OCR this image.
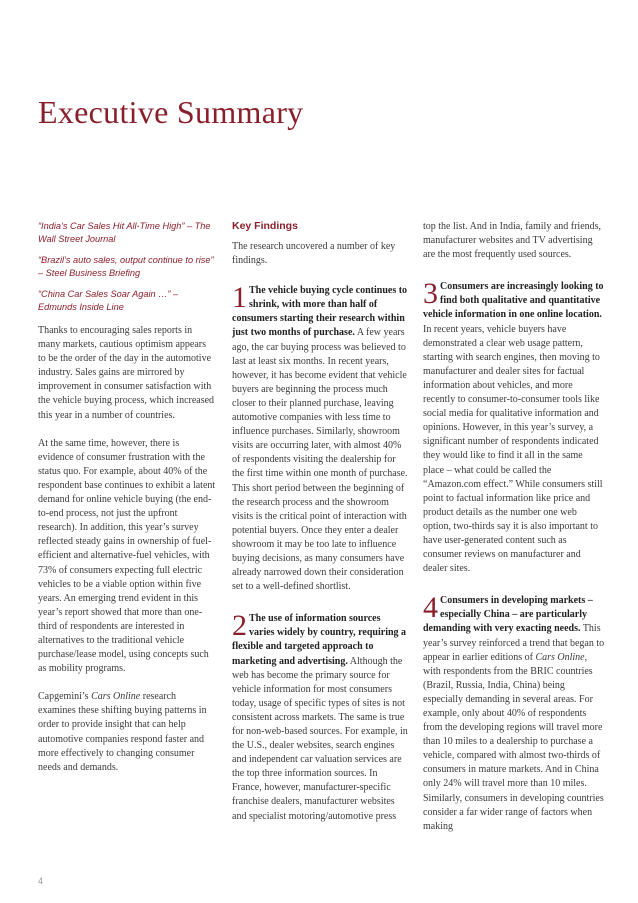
Executive Summary

“India’s Car Sales Hit All-Time High” – The Wall Street Journal

“Brazil’s auto sales, output continue to rise” – Steel Business Briefing

“China Car Sales Soar Again …” – Edmunds Inside Line

Thanks to encouraging sales reports in many markets, cautious optimism appears to be the order of the day in the automotive industry. Sales gains are mirrored by improvement in consumer satisfaction with the vehicle buying process, which increased this year in a number of countries.

At the same time, however, there is evidence of consumer frustration with the status quo. For example, about 40% of the respondent base continues to exhibit a latent demand for online vehicle buying (the end-to-end process, not just the upfront research). In addition, this year’s survey reflected steady gains in ownership of fuel-efficient and alternative-fuel vehicles, with 73% of consumers expecting full electric vehicles to be a viable option within five years. An emerging trend evident in this year’s report showed that more than one-third of respondents are interested in alternatives to the traditional vehicle purchase/lease model, using concepts such as mobility programs.

Capgemini’s Cars Online research examines these shifting buying patterns in order to provide insight that can help automotive companies respond faster and more effectively to changing consumer needs and demands.

Key Findings

The research uncovered a number of key findings.

1 The vehicle buying cycle continues to shrink, with more than half of consumers starting their research within just two months of purchase. A few years ago, the car buying process was believed to last at least six months. In recent years, however, it has become evident that vehicle buyers are beginning the process much closer to their planned purchase, leaving automotive companies with less time to influence purchases. Similarly, showroom visits are occurring later, with almost 40% of respondents visiting the dealership for the first time within one month of purchase. This short period between the beginning of the research process and the showroom visits is the critical point of interaction with potential buyers. Once they enter a dealer showroom it may be too late to influence buying decisions, as many consumers have already narrowed down their consideration set to a well-defined shortlist.

2 The use of information sources varies widely by country, requiring a flexible and targeted approach to marketing and advertising. Although the web has become the primary source for vehicle information for most consumers today, usage of specific types of sites is not consistent across markets. The same is true for non-web-based sources. For example, in the U.S., dealer websites, search engines and independent car valuation services are the top three information sources. In France, however, manufacturer-specific franchise dealers, manufacturer websites and specialist motoring/automotive press

top the list. And in India, family and friends, manufacturer websites and TV advertising are the most frequently used sources.

3 Consumers are increasingly looking to find both qualitative and quantitative vehicle information in one online location. In recent years, vehicle buyers have demonstrated a clear web usage pattern, starting with search engines, then moving to manufacturer and dealer sites for factual information about vehicles, and more recently to consumer-to-consumer tools like social media for qualitative information and opinions. However, in this year’s survey, a significant number of respondents indicated they would like to find it all in the same place – what could be called the “Amazon.com effect.” While consumers still point to factual information like price and product details as the number one web option, two-thirds say it is also important to have user-generated content such as consumer reviews on manufacturer and dealer sites.

4 Consumers in developing markets – especially China – are particularly demanding with very exacting needs. This year’s survey reinforced a trend that began to appear in earlier editions of Cars Online, with respondents from the BRIC countries (Brazil, Russia, India, China) being especially demanding in several areas. For example, only about 40% of respondents from the developing regions will travel more than 10 miles to a dealership to purchase a vehicle, compared with almost two-thirds of consumers in mature markets. And in China only 24% will travel more than 10 miles. Similarly, consumers in developing countries consider a far wider range of factors when making

4
